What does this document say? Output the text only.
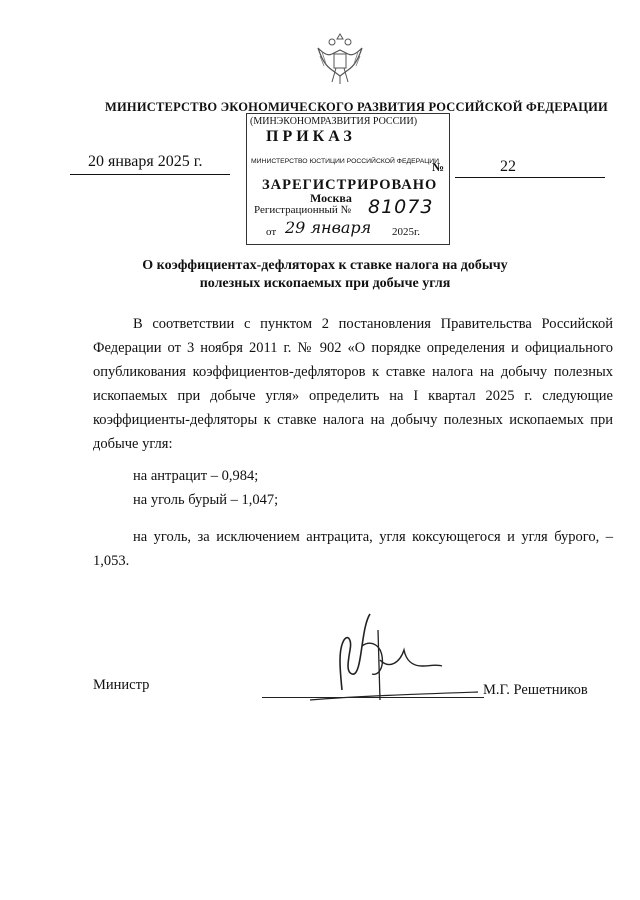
МИНИСТЕРСТВО ЭКОНОМИЧЕСКОГО РАЗВИТИЯ РОССИЙСКОЙ ФЕДЕРАЦИИ
(МИНЭКОНОМРАЗВИТИЯ РОССИИ)
ПРИКАЗ
МИНИСТЕРСТВО ЮСТИЦИИ РОССИЙСКОЙ ФЕДЕРАЦИИ
ЗАРЕГИСТРИРОВАНО
Москва
Регистрационный № 81073
от 29 января 2025г.
20 января 2025 г.	№	22
О коэффициентах-дефляторах к ставке налога на добычу
полезных ископаемых при добыче угля
В соответствии с пунктом 2 постановления Правительства Российской Федерации от 3 ноября 2011 г. № 902 «О порядке определения и официального опубликования коэффициентов-дефляторов к ставке налога на добычу полезных ископаемых при добыче угля» определить на I квартал 2025 г. следующие коэффициенты-дефляторы к ставке налога на добычу полезных ископаемых при добыче угля:
на антрацит – 0,984;
на уголь бурый – 1,047;
на уголь, за исключением антрацита, угля коксующегося и угля бурого, – 1,053.
Министр	М.Г. Решетников
